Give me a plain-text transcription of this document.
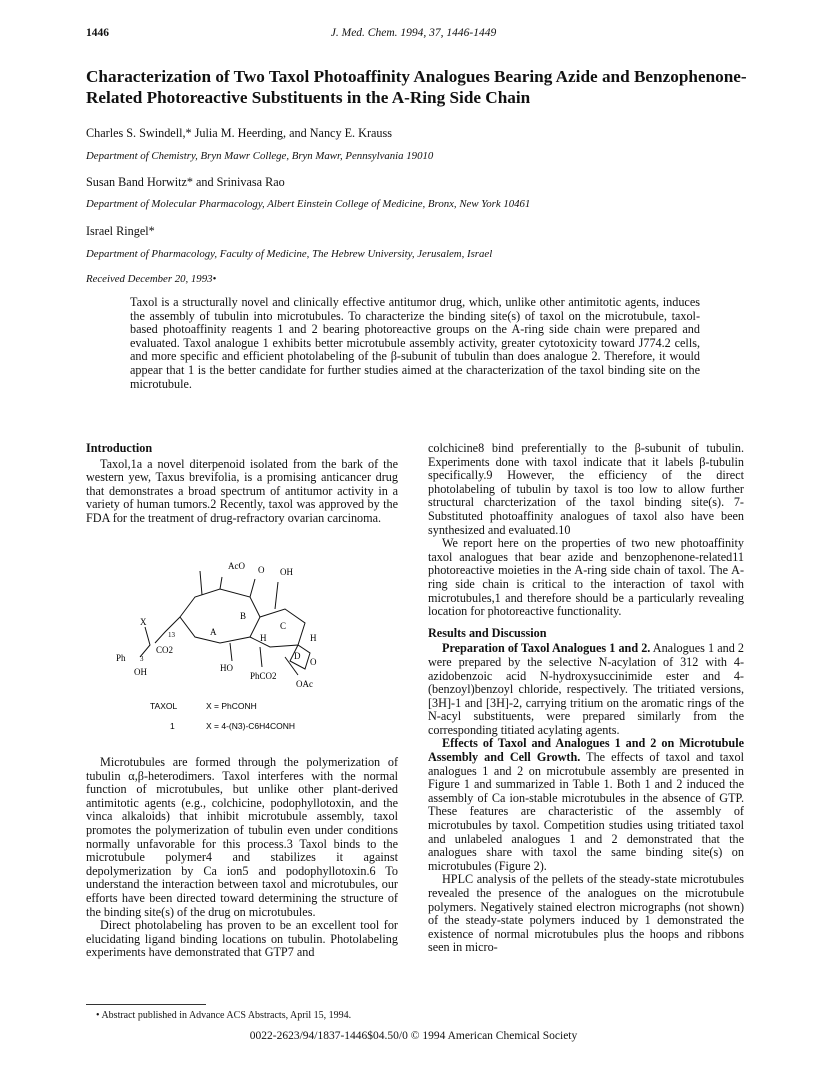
1446	J. Med. Chem. 1994, 37, 1446-1449
Characterization of Two Taxol Photoaffinity Analogues Bearing Azide and Benzophenone-Related Photoreactive Substituents in the A-Ring Side Chain
Charles S. Swindell,* Julia M. Heerding, and Nancy E. Krauss
Department of Chemistry, Bryn Mawr College, Bryn Mawr, Pennsylvania 19010
Susan Band Horwitz* and Srinivasa Rao
Department of Molecular Pharmacology, Albert Einstein College of Medicine, Bronx, New York 10461
Israel Ringel*
Department of Pharmacology, Faculty of Medicine, The Hebrew University, Jerusalem, Israel
Received December 20, 1993•
Taxol is a structurally novel and clinically effective antitumor drug, which, unlike other antimitotic agents, induces the assembly of tubulin into microtubules. To characterize the binding site(s) of taxol on the microtubule, taxol-based photoaffinity reagents 1 and 2 bearing photoreactive groups on the A-ring side chain were prepared and evaluated. Taxol analogue 1 exhibits better microtubule assembly activity, greater cytotoxicity toward J774.2 cells, and more specific and efficient photolabeling of the β-subunit of tubulin than does analogue 2. Therefore, it would appear that 1 is the better candidate for further studies aimed at the characterization of the taxol binding site on the microtubule.
Introduction

Taxol,1a a novel diterpenoid isolated from the bark of the western yew, Taxus brevifolia, is a promising anticancer drug that demonstrates a broad spectrum of antitumor activity in a variety of human tumors.2 Recently, taxol was approved by the FDA for the treatment of drug-refractory ovarian carcinoma.

AcO O OH
X
13
CO2
Ph 3
A
B
C
D
O
H
H
HO
OH	PhCO2
OAc
TAXOL	X = PhCONH
1	X = 4-(N3)-C6H4CONH

Microtubules are formed through the polymerization of tubulin α,β-heterodimers. Taxol interferes with the normal function of microtubules, but unlike other plant-derived antimitotic agents (e.g., colchicine, podophyllotoxin, and the vinca alkaloids) that inhibit microtubule assembly, taxol promotes the polymerization of tubulin even under conditions normally unfavorable for this process.3 Taxol binds to the microtubule polymer4 and stabilizes it against depolymerization by Ca ion5 and podophyllotoxin.6 To understand the interaction between taxol and microtubules, our efforts have been directed toward determining the structure of the binding site(s) of the drug on microtubules.

Direct photolabeling has proven to be an excellent tool for elucidating ligand binding locations on tubulin. Photolabeling experiments have demonstrated that GTP7 and

colchicine8 bind preferentially to the β-subunit of tubulin. Experiments done with taxol indicate that it labels β-tubulin specifically.9 However, the efficiency of the direct photolabeling of tubulin by taxol is too low to allow further structural charcterization of the taxol binding site(s). 7-Substituted photoaffinity analogues of taxol also have been synthesized and evaluated.10

We report here on the properties of two new photoaffinity taxol analogues that bear azide and benzophenone-related11 photoreactive moieties in the A-ring side chain of taxol. The A-ring side chain is critical to the interaction of taxol with microtubules,1 and therefore should be a particularly revealing location for photoreactive functionality.

Results and Discussion

Preparation of Taxol Analogues 1 and 2. Analogues 1 and 2 were prepared by the selective N-acylation of 312 with 4-azidobenzoic acid N-hydroxysuccinimide ester and 4-(benzoyl)benzoyl chloride, respectively. The tritiated versions, [3H]-1 and [3H]-2, carrying tritium on the aromatic rings of the N-acyl substituents, were prepared similarly from the corresponding titiated acylating agents.

Effects of Taxol and Analogues 1 and 2 on Microtubule Assembly and Cell Growth. The effects of taxol and taxol analogues 1 and 2 on microtubule assembly are presented in Figure 1 and summarized in Table 1. Both 1 and 2 induced the assembly of Ca ion-stable microtubules in the absence of GTP. These features are characteristic of the assembly of microtubules by taxol. Competition studies using tritiated taxol and unlabeled analogues 1 and 2 demonstrated that the analogues share with taxol the same binding site(s) on microtubules (Figure 2).

HPLC analysis of the pellets of the steady-state microtubules revealed the presence of the analogues on the microtubule polymers. Negatively stained electron micrographs (not shown) of the steady-state polymers induced by 1 demonstrated the existence of normal microtubules plus the hoops and ribbons seen in micro-

• Abstract published in Advance ACS Abstracts, April 15, 1994.
0022-2623/94/1837-1446$04.50/0 © 1994 American Chemical Society
